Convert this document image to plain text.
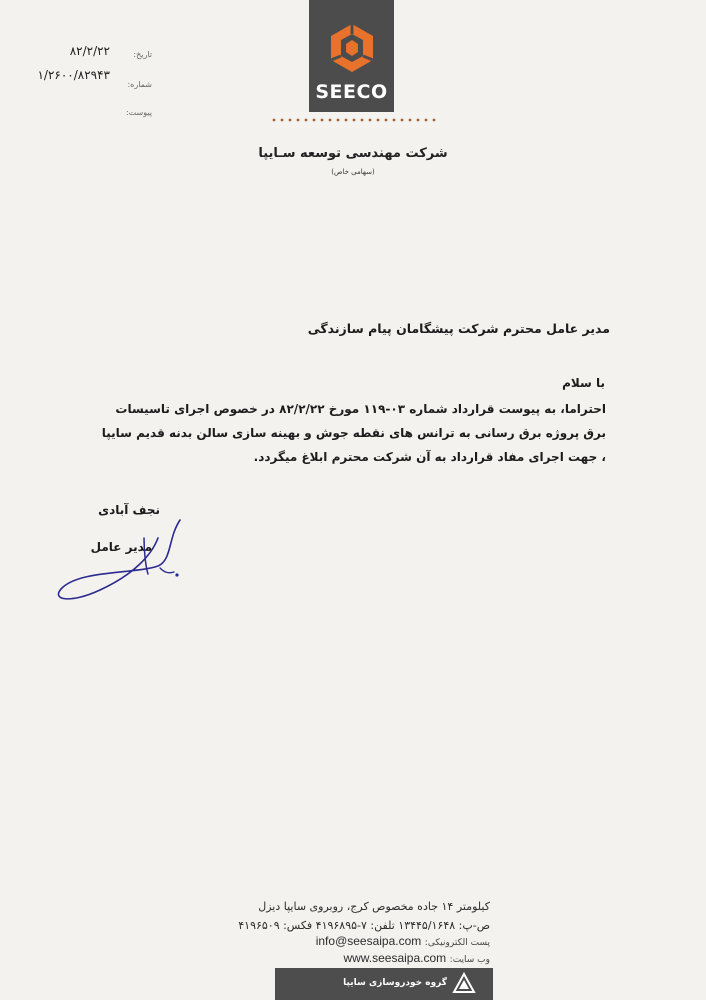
SEECO
شرکت مهندسی توسعه سـایپا
(سهامی خاص)
تاریخ:
۸۲/۲/۲۲
شماره:
۱/۲۶۰۰/۸۲۹۴۳
پیوست:
مدیر عامل محترم شرکت پیشگامان پیام سازندگی
با سلام
احتراما، به پیوست قرارداد شماره ۰۳-۱۱۹ مورخ ۸۲/۲/۲۲ در خصوص اجرای تاسیسات برق پروژه برق رسانی به ترانس های نقطه جوش و بهینه سازی سالن بدنه قدیم سایپا ، جهت اجرای مفاد قرارداد به آن شرکت محترم ابلاغ میگردد.
نجف آبادی
مدیر عامل
کیلومتر ۱۴ جاده مخصوص کرج، روبروی سایپا دیزل
ص-پ: ۱۳۴۴۵/۱۶۴۸ تلفن: ۷-۴۱۹۶۸۹۵ فکس: ۴۱۹۶۵۰۹
پست الکترونیکی: info@seesaipa.com
وب سایت: www.seesaipa.com
گروه خودروسازی سایپا
